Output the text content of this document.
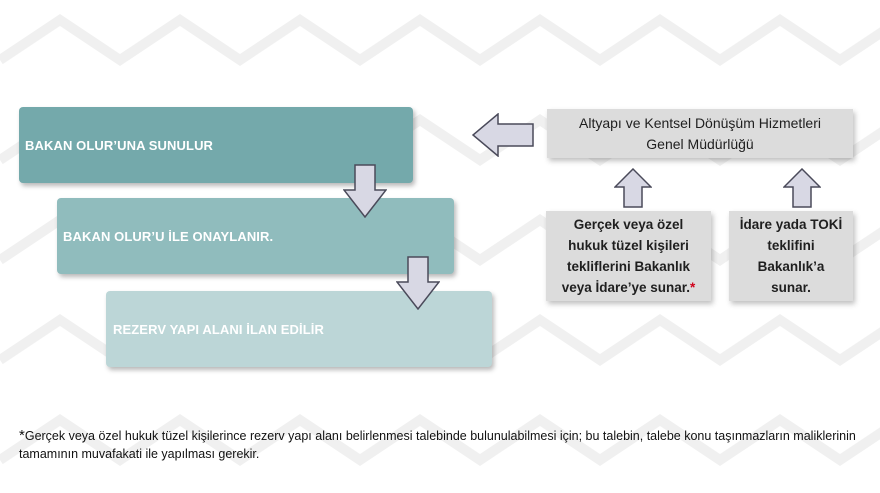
BAKAN OLUR’UNA SUNULUR
BAKAN OLUR’U İLE ONAYLANIR.
REZERV YAPI ALANI İLAN EDİLİR
Altyapı ve Kentsel Dönüşüm Hizmetleri
Genel Müdürlüğü
Gerçek veya özel
hukuk tüzel kişileri
tekliflerini Bakanlık
veya İdare’ye sunar.*
İdare yada TOKİ
teklifini
Bakanlık’a
sunar.
*Gerçek veya özel hukuk tüzel kişilerince rezerv yapı alanı belirlenmesi talebinde bulunulabilmesi için; bu talebin, talebe konu taşınmazların maliklerinin tamamının muvafakati ile yapılması gerekir.
